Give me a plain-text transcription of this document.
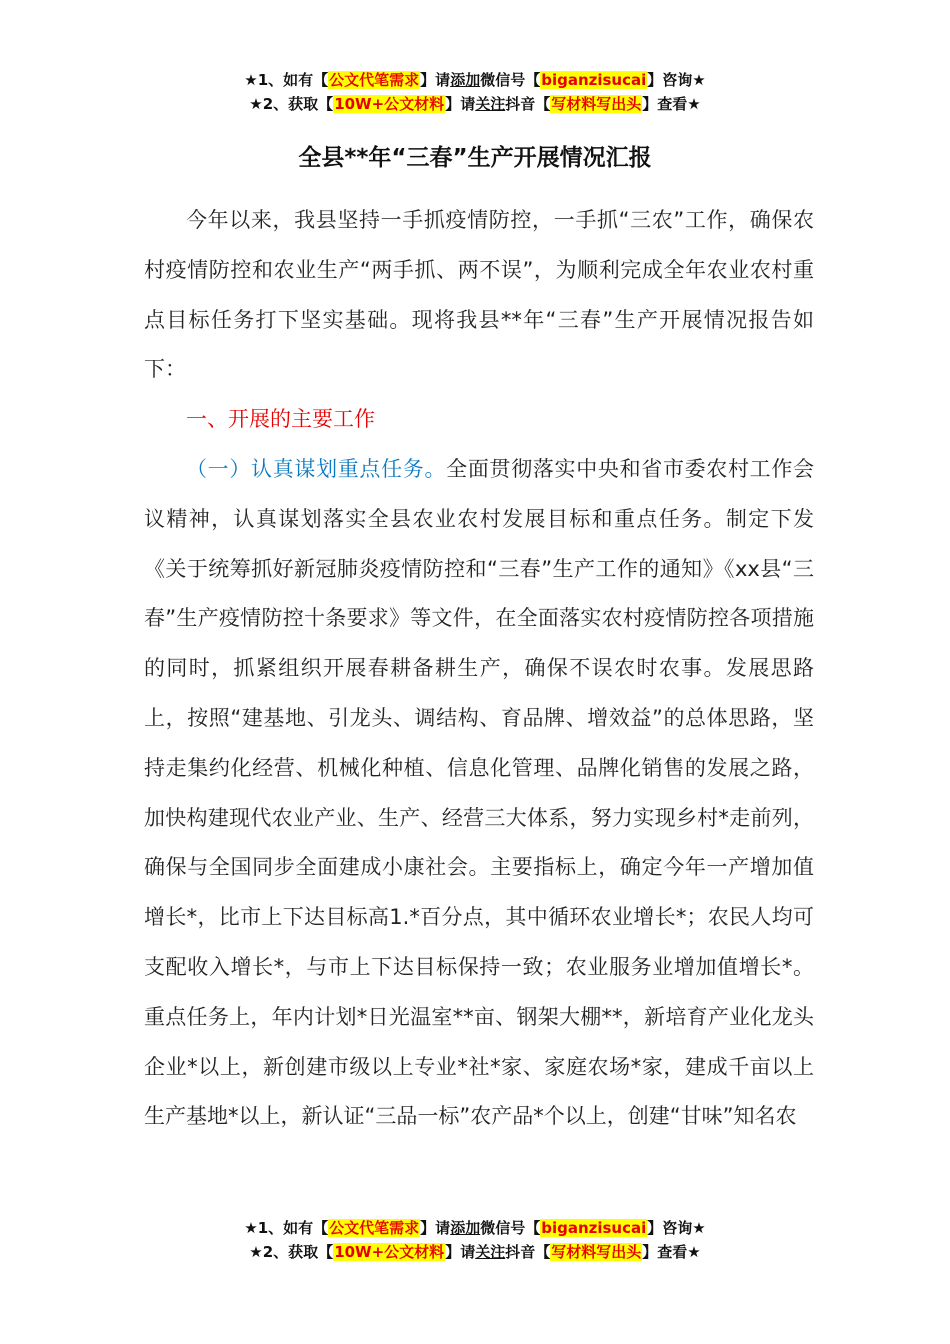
★1、如有【公文代笔需求】请添加微信号【biganzisucai】咨询★
★2、获取【10W+公文材料】请关注抖音【写材料写出头】查看★
全县**年“三春”生产开展情况汇报

今年以来，我县坚持一手抓疫情防控，一手抓“三农”工作，确保农村疫情防控和农业生产“两手抓、两不误”，为顺利完成全年农业农村重点目标任务打下坚实基础。现将我县**年“三春”生产开展情况报告如下：

一、开展的主要工作

（一）认真谋划重点任务。全面贯彻落实中央和省市委农村工作会议精神，认真谋划落实全县农业农村发展目标和重点任务。制定下发《关于统筹抓好新冠肺炎疫情防控和“三春”生产工作的通知》《xx县“三春”生产疫情防控十条要求》等文件，在全面落实农村疫情防控各项措施的同时，抓紧组织开展春耕备耕生产，确保不误农时农事。发展思路上，按照“建基地、引龙头、调结构、育品牌、增效益”的总体思路，坚持走集约化经营、机械化种植、信息化管理、品牌化销售的发展之路，加快构建现代农业产业、生产、经营三大体系，努力实现乡村*走前列，确保与全国同步全面建成小康社会。主要指标上，确定今年一产增加值增长*，比市上下达目标高1.*百分点，其中循环农业增长*；农民人均可支配收入增长*，与市上下达目标保持一致；农业服务业增加值增长*。重点任务上，年内计划*日光温室**亩、钢架大棚**，新培育产业化龙头企业*以上，新创建市级以上专业*社*家、家庭农场*家，建成千亩以上生产基地*以上，新认证“三品一标”农产品*个以上，创建“甘味”知名农

★1、如有【公文代笔需求】请添加微信号【biganzisucai】咨询★
★2、获取【10W+公文材料】请关注抖音【写材料写出头】查看★
